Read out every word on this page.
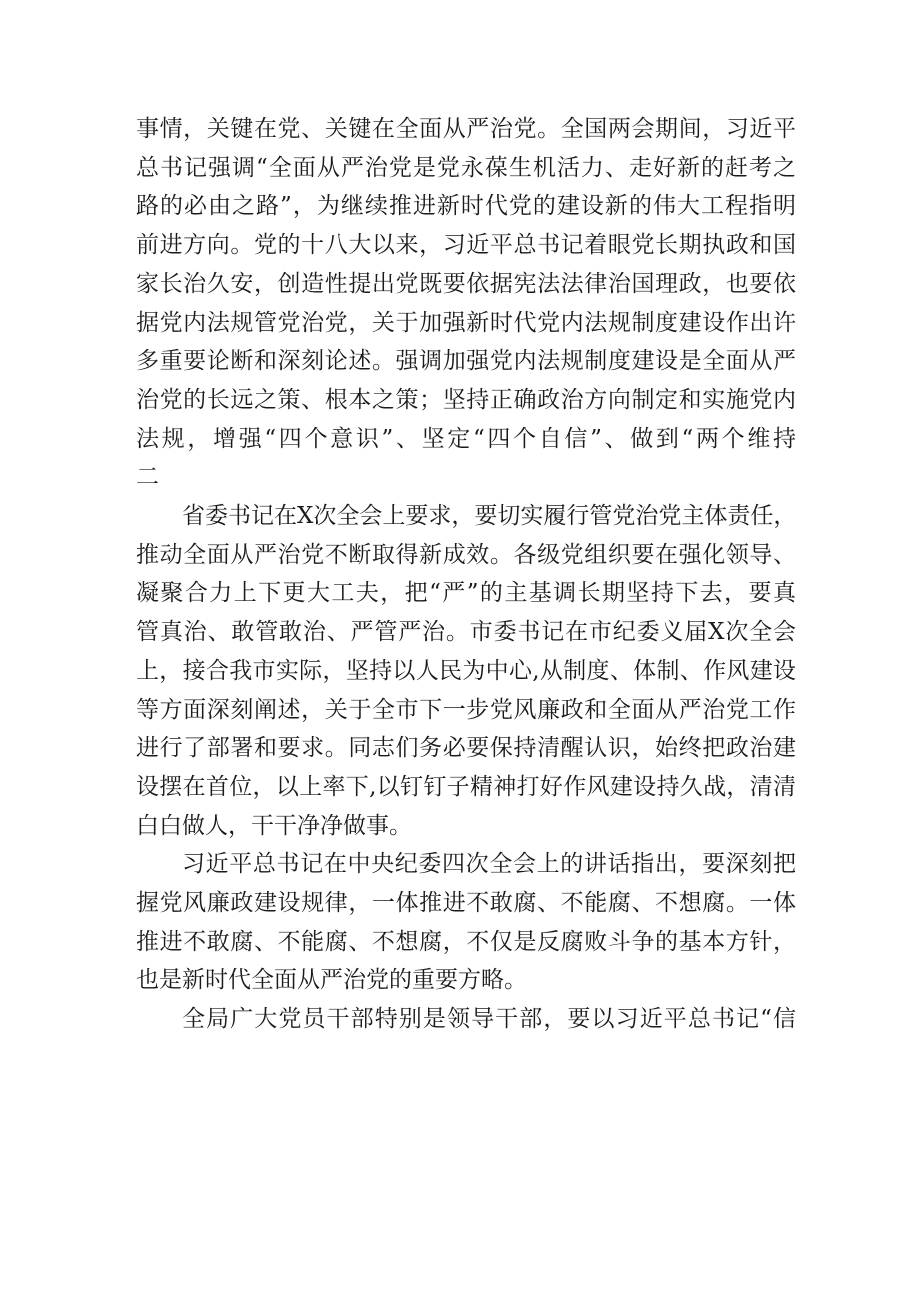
事情，关键在党、关键在全面从严治党。全国两会期间，习近平
总书记强调“全面从严治党是党永葆生机活力、走好新的赶考之
路的必由之路”，为继续推进新时代党的建设新的伟大工程指明
前进方向。党的十八大以来，习近平总书记着眼党长期执政和国
家长治久安，创造性提出党既要依据宪法法律治国理政，也要依
据党内法规管党治党，关于加强新时代党内法规制度建设作出许
多重要论断和深刻论述。强调加强党内法规制度建设是全面从严
治党的长远之策、根本之策；坚持正确政治方向制定和实施党内
法规，增强“四个意识”、坚定“四个自信”、做到“两个维持
二
省委书记在X次全会上要求，要切实履行管党治党主体责任，
推动全面从严治党不断取得新成效。各级党组织要在强化领导、
凝聚合力上下更大工夫，把“严”的主基调长期坚持下去，要真
管真治、敢管敢治、严管严治。市委书记在市纪委义届X次全会
上，接合我市实际，坚持以人民为中心,从制度、体制、作风建设
等方面深刻阐述，关于全市下一步党风廉政和全面从严治党工作
进行了部署和要求。同志们务必要保持清醒认识，始终把政治建
设摆在首位，以上率下,以钉钉子精神打好作风建设持久战，清清
白白做人，干干净净做事。
习近平总书记在中央纪委四次全会上的讲话指出，要深刻把
握党风廉政建设规律，一体推进不敢腐、不能腐、不想腐。一体
推进不敢腐、不能腐、不想腐，不仅是反腐败斗争的基本方针，
也是新时代全面从严治党的重要方略。
全局广大党员干部特别是领导干部，要以习近平总书记“信
